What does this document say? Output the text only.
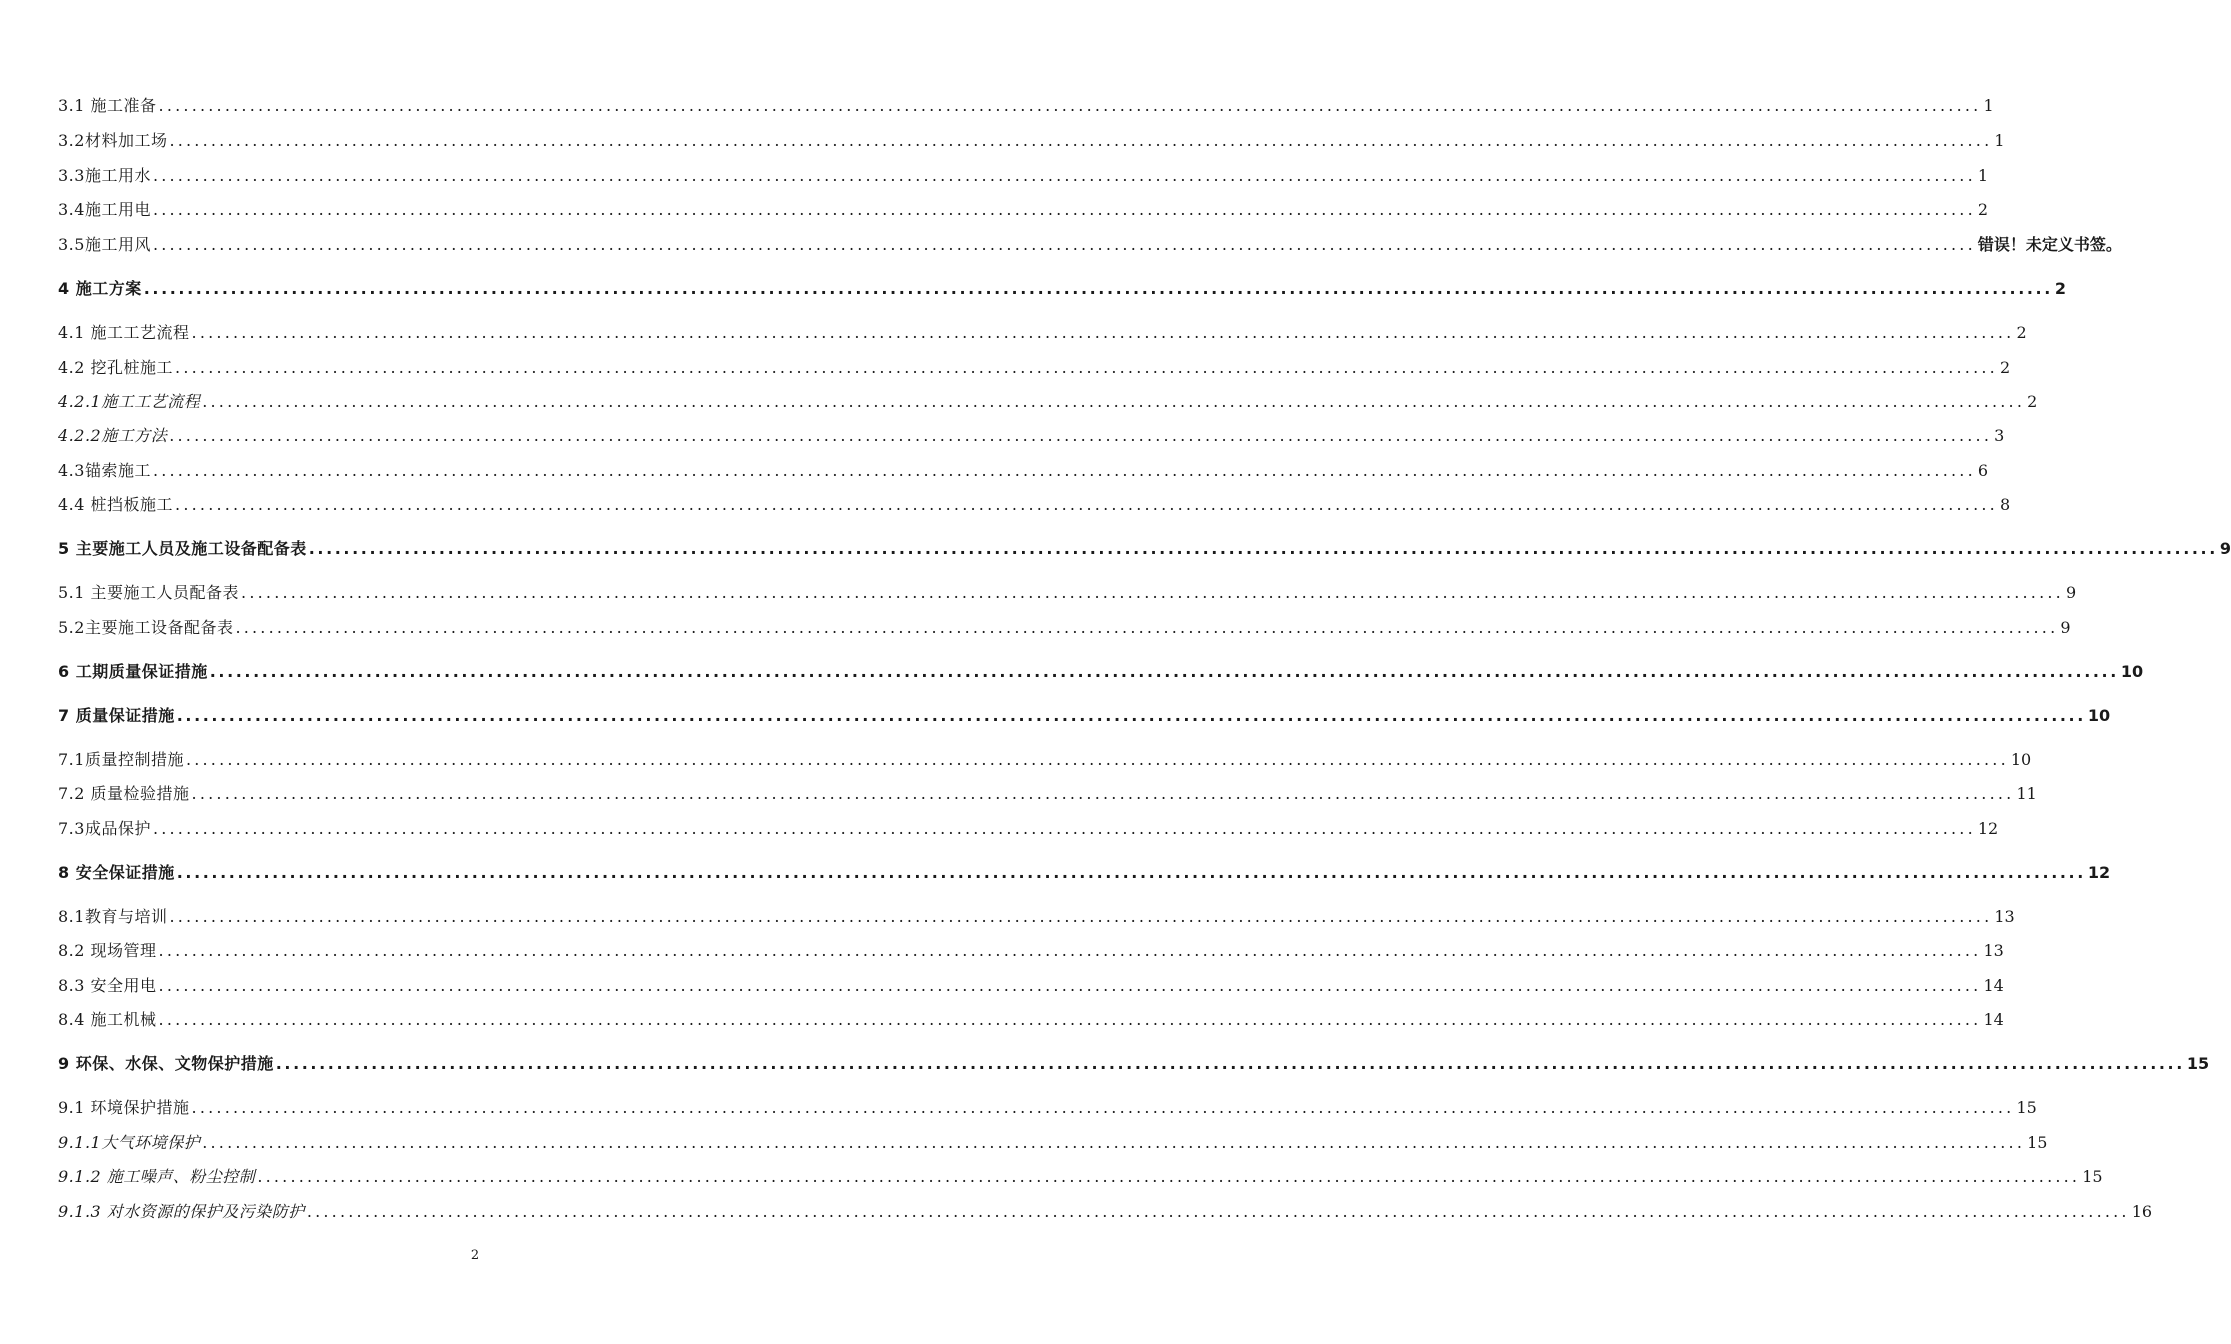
3.1 施工准备 ............................................................................................................................................................................................................................ 1
3.2材料加工场 ............................................................................................................................................................................................................................ 1
3.3施工用水 ............................................................................................................................................................................................................................ 1
3.4施工用电 ............................................................................................................................................................................................................................ 2
3.5施工用风 ............................................................................................................................................................................................................................ 错误！未定义书签。
4 施工方案 ............................................................................................................................................................................................................................ 2
4.1 施工工艺流程 ............................................................................................................................................................................................................................ 2
4.2 挖孔桩施工 ............................................................................................................................................................................................................................ 2
4.2.1施工工艺流程 ............................................................................................................................................................................................................................ 2
4.2.2施工方法 ............................................................................................................................................................................................................................ 3
4.3锚索施工 ............................................................................................................................................................................................................................ 6
4.4 桩挡板施工 ............................................................................................................................................................................................................................ 8
5 主要施工人员及施工设备配备表 ............................................................................................................................................................................................................................ 9
5.1 主要施工人员配备表 ............................................................................................................................................................................................................................ 9
5.2主要施工设备配备表 ............................................................................................................................................................................................................................ 9
6 工期质量保证措施 ............................................................................................................................................................................................................................ 10
7 质量保证措施 ............................................................................................................................................................................................................................ 10
7.1质量控制措施 ............................................................................................................................................................................................................................ 10
7.2 质量检验措施 ............................................................................................................................................................................................................................ 11
7.3成品保护 ............................................................................................................................................................................................................................ 12
8 安全保证措施 ............................................................................................................................................................................................................................ 12
8.1教育与培训 ............................................................................................................................................................................................................................ 13
8.2 现场管理 ............................................................................................................................................................................................................................ 13
8.3 安全用电 ............................................................................................................................................................................................................................ 14
8.4 施工机械 ............................................................................................................................................................................................................................ 14
9 环保、水保、文物保护措施 ............................................................................................................................................................................................................................ 15
9.1 环境保护措施 ............................................................................................................................................................................................................................ 15
9.1.1大气环境保护 ............................................................................................................................................................................................................................ 15
9.1.2 施工噪声、粉尘控制 ............................................................................................................................................................................................................................ 15
9.1.3 对水资源的保护及污染防护 ............................................................................................................................................................................................................................ 16
2
